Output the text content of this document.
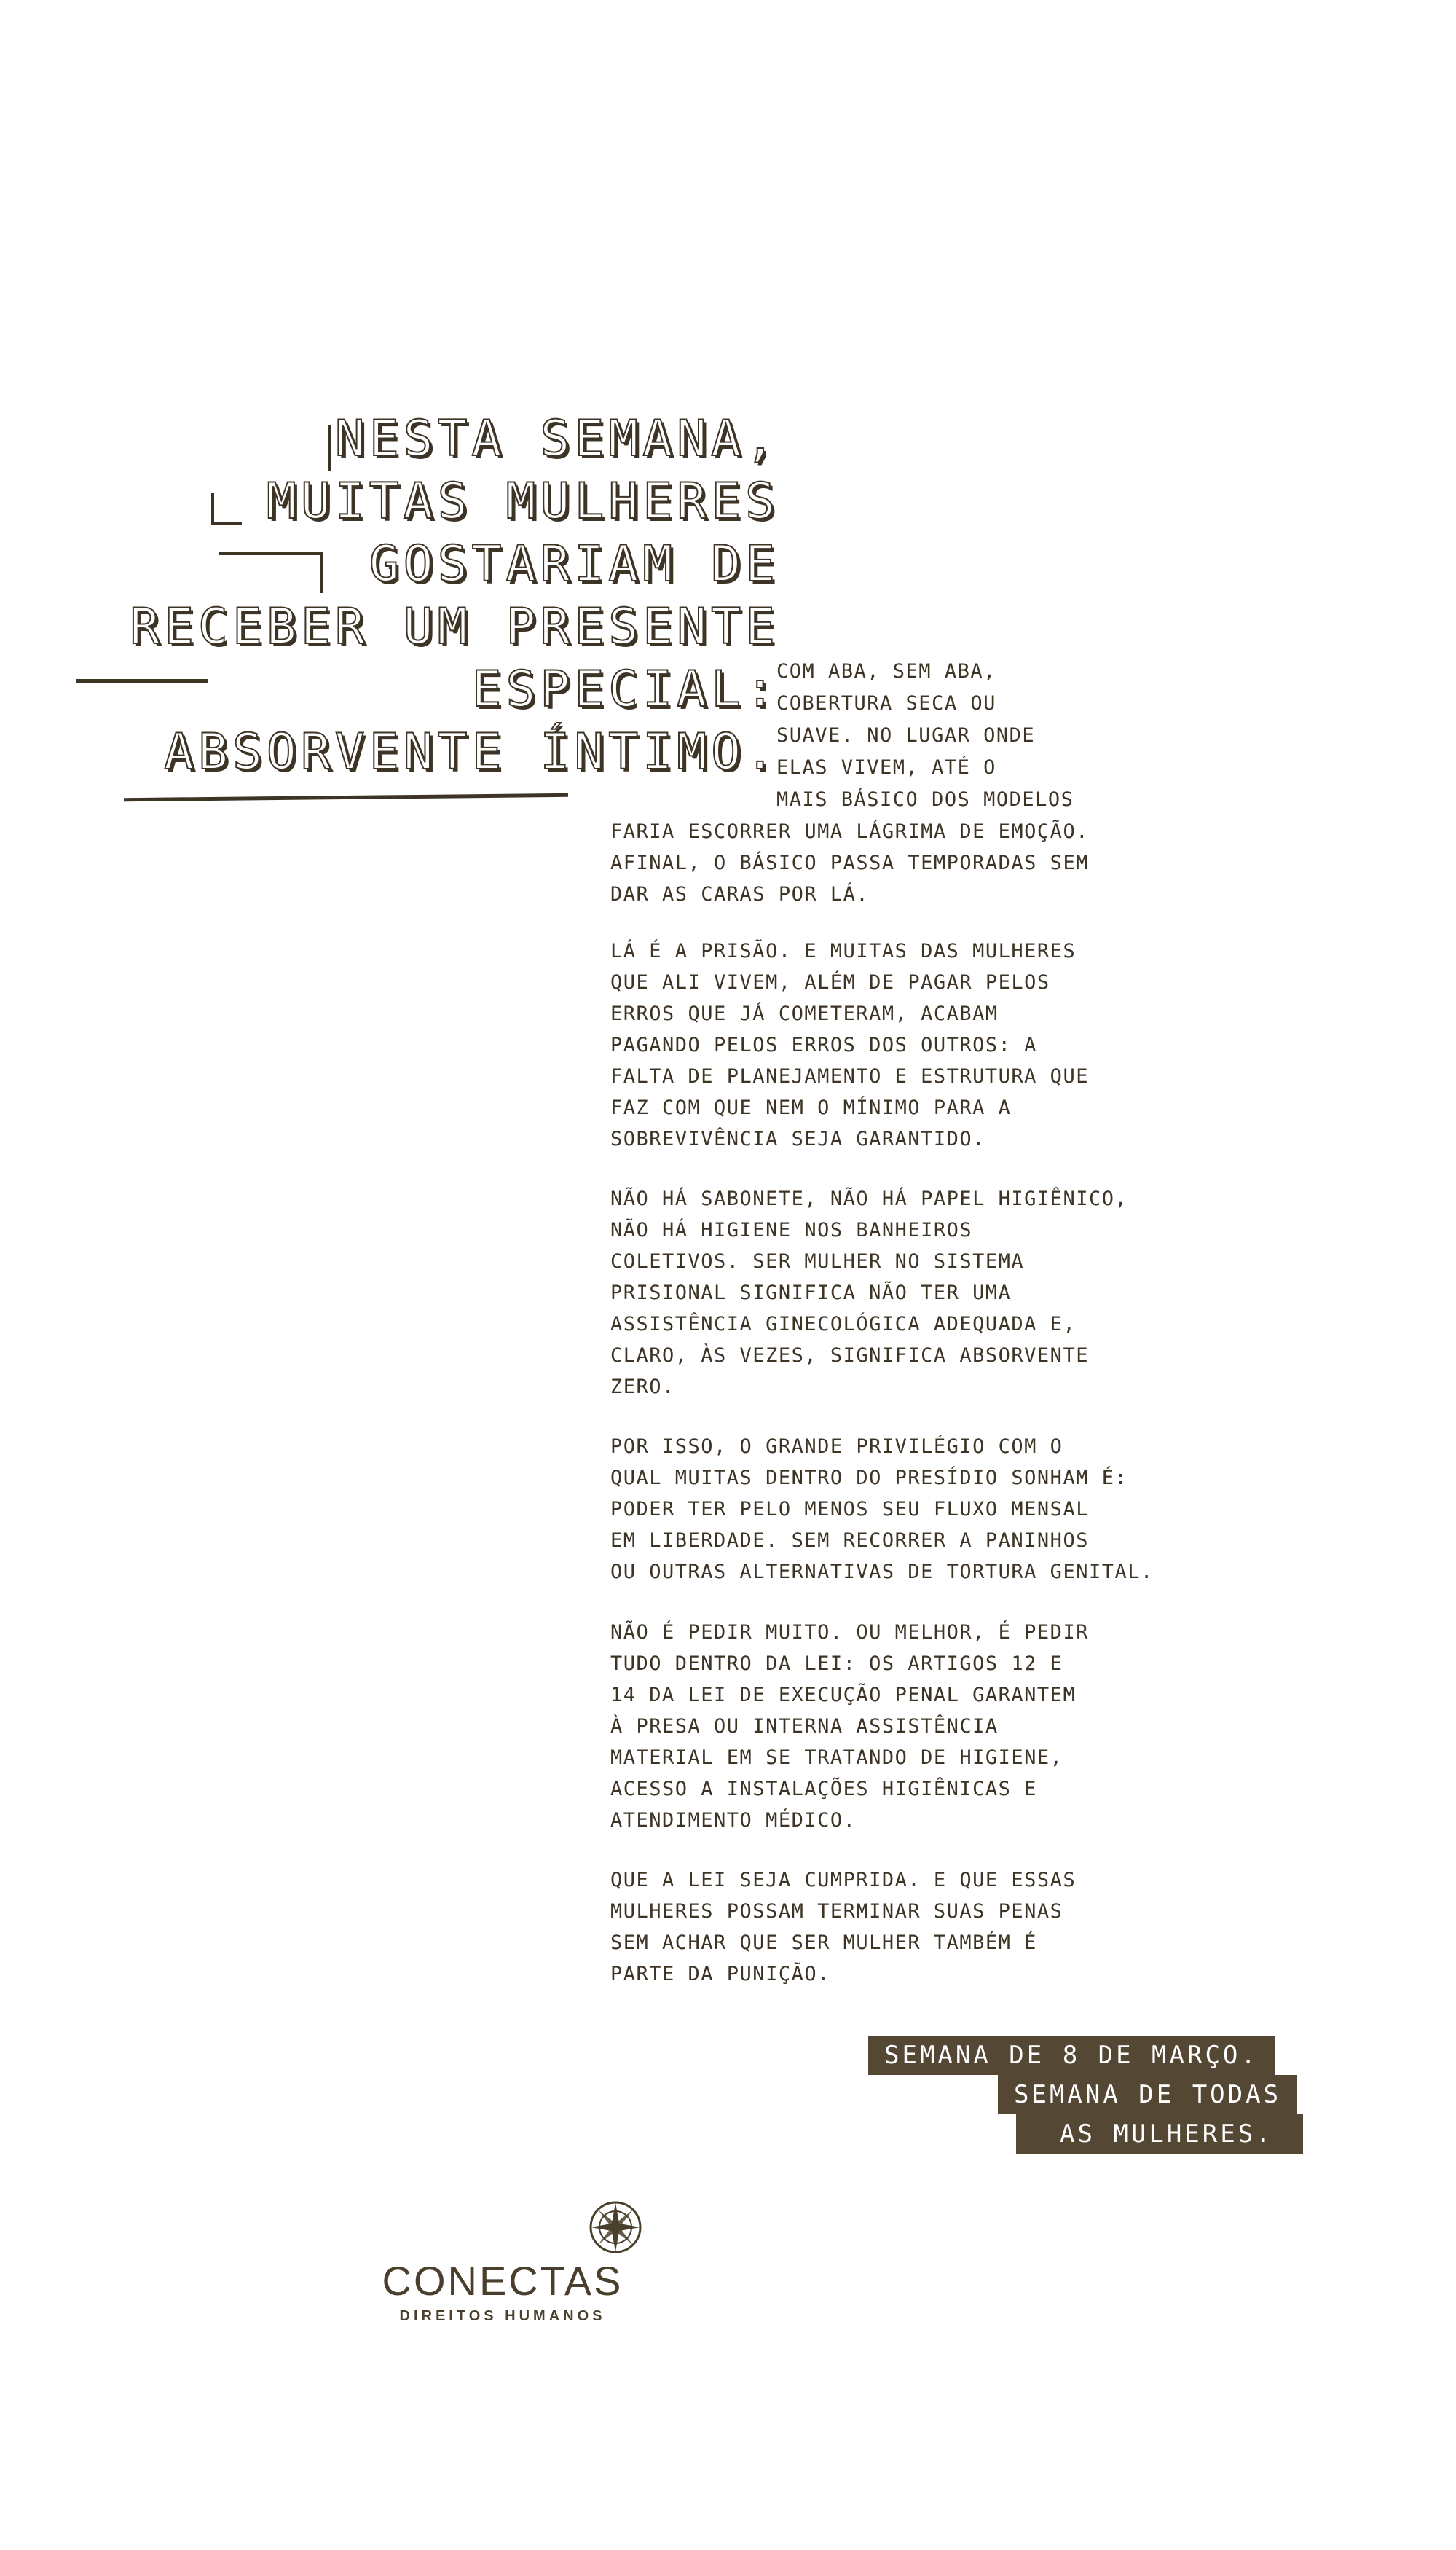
NESTA SEMANA,
MUITAS MULHERES
GOSTARIAM DE
RECEBER UM PRESENTE
ESPECIAL:
ABSORVENTE ÍNTIMO.
COM ABA, SEM ABA,
COBERTURA SECA OU
SUAVE. NO LUGAR ONDE
ELAS VIVEM, ATÉ O
MAIS BÁSICO DOS MODELOS
FARIA ESCORRER UMA LÁGRIMA DE EMOÇÃO.
AFINAL, O BÁSICO PASSA TEMPORADAS SEM
DAR AS CARAS POR LÁ.
LÁ É A PRISÃO. E MUITAS DAS MULHERES
QUE ALI VIVEM, ALÉM DE PAGAR PELOS
ERROS QUE JÁ COMETERAM, ACABAM
PAGANDO PELOS ERROS DOS OUTROS: A
FALTA DE PLANEJAMENTO E ESTRUTURA QUE
FAZ COM QUE NEM O MÍNIMO PARA A
SOBREVIVÊNCIA SEJA GARANTIDO.
NÃO HÁ SABONETE, NÃO HÁ PAPEL HIGIÊNICO,
NÃO HÁ HIGIENE NOS BANHEIROS
COLETIVOS. SER MULHER NO SISTEMA
PRISIONAL SIGNIFICA NÃO TER UMA
ASSISTÊNCIA GINECOLÓGICA ADEQUADA E,
CLARO, ÀS VEZES, SIGNIFICA ABSORVENTE
ZERO.
POR ISSO, O GRANDE PRIVILÉGIO COM O
QUAL MUITAS DENTRO DO PRESÍDIO SONHAM É:
PODER TER PELO MENOS SEU FLUXO MENSAL
EM LIBERDADE. SEM RECORRER A PANINHOS
OU OUTRAS ALTERNATIVAS DE TORTURA GENITAL.
NÃO É PEDIR MUITO. OU MELHOR, É PEDIR
TUDO DENTRO DA LEI: OS ARTIGOS 12 E
14 DA LEI DE EXECUÇÃO PENAL GARANTEM
À PRESA OU INTERNA ASSISTÊNCIA
MATERIAL EM SE TRATANDO DE HIGIENE,
ACESSO A INSTALAÇÕES HIGIÊNICAS E
ATENDIMENTO MÉDICO.
QUE A LEI SEJA CUMPRIDA. E QUE ESSAS
MULHERES POSSAM TERMINAR SUAS PENAS
SEM ACHAR QUE SER MULHER TAMBÉM É
PARTE DA PUNIÇÃO.
SEMANA DE 8 DE MARÇO.
SEMANA DE TODAS
AS MULHERES.
CONECTAS
DIREITOS HUMANOS
